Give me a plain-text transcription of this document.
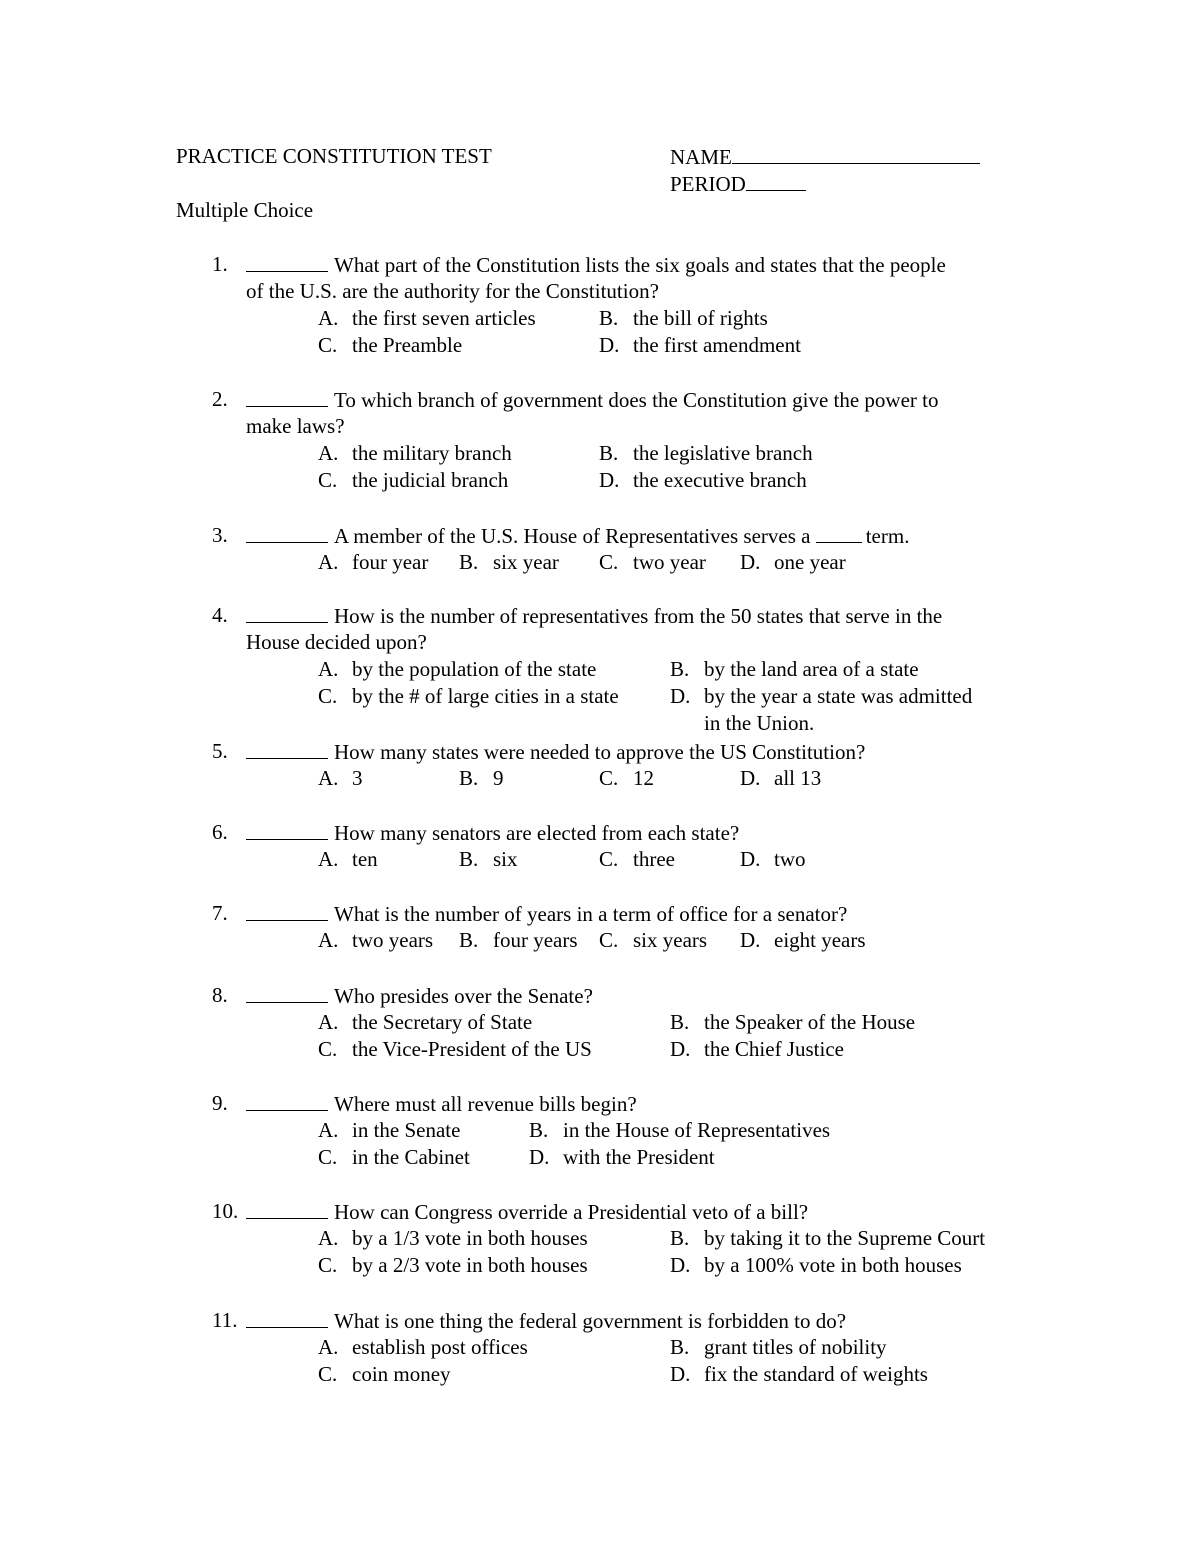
PRACTICE CONSTITUTION TEST	NAME
PERIOD
Multiple Choice
1.	What part of the Constitution lists the six goals and states that the people
of the U.S. are the authority for the Constitution?
A. the first seven articles	B. the bill of rights
C. the Preamble	D. the first amendment
2.	To which branch of government does the Constitution give the power to
make laws?
A. the military branch	B. the legislative branch
C. the judicial branch	D. the executive branch
3.	A member of the U.S. House of Representatives serves a	term.
A. four year B. six year C. two year D. one year
4.	How is the number of representatives from the 50 states that serve in the
House decided upon?
A. by the population of the state	B. by the land area of a state
C. by the # of large cities in a state D. by the year a state was admitted
in the Union.
5.	How many states were needed to approve the US Constitution?
A. 3	B. 9	C. 12	D. all 13
6.	How many senators are elected from each state?
A. ten	B. six	C. three	D. two
7.	What is the number of years in a term of office for a senator?
A. two years B. four years C. six years D. eight years
8.	Who presides over the Senate?
A. the Secretary of State	B. the Speaker of the House
C. the Vice-President of the US	D. the Chief Justice
9.	Where must all revenue bills begin?
A. in the Senate	B. in the House of Representatives
C. in the Cabinet	D. with the President
10.	How can Congress override a Presidential veto of a bill?
A. by a 1/3 vote in both houses	B. by taking it to the Supreme Court
C. by a 2/3 vote in both houses	D. by a 100% vote in both houses
11.	What is one thing the federal government is forbidden to do?
A. establish post offices	B. grant titles of nobility
C. coin money	D. fix the standard of weights
